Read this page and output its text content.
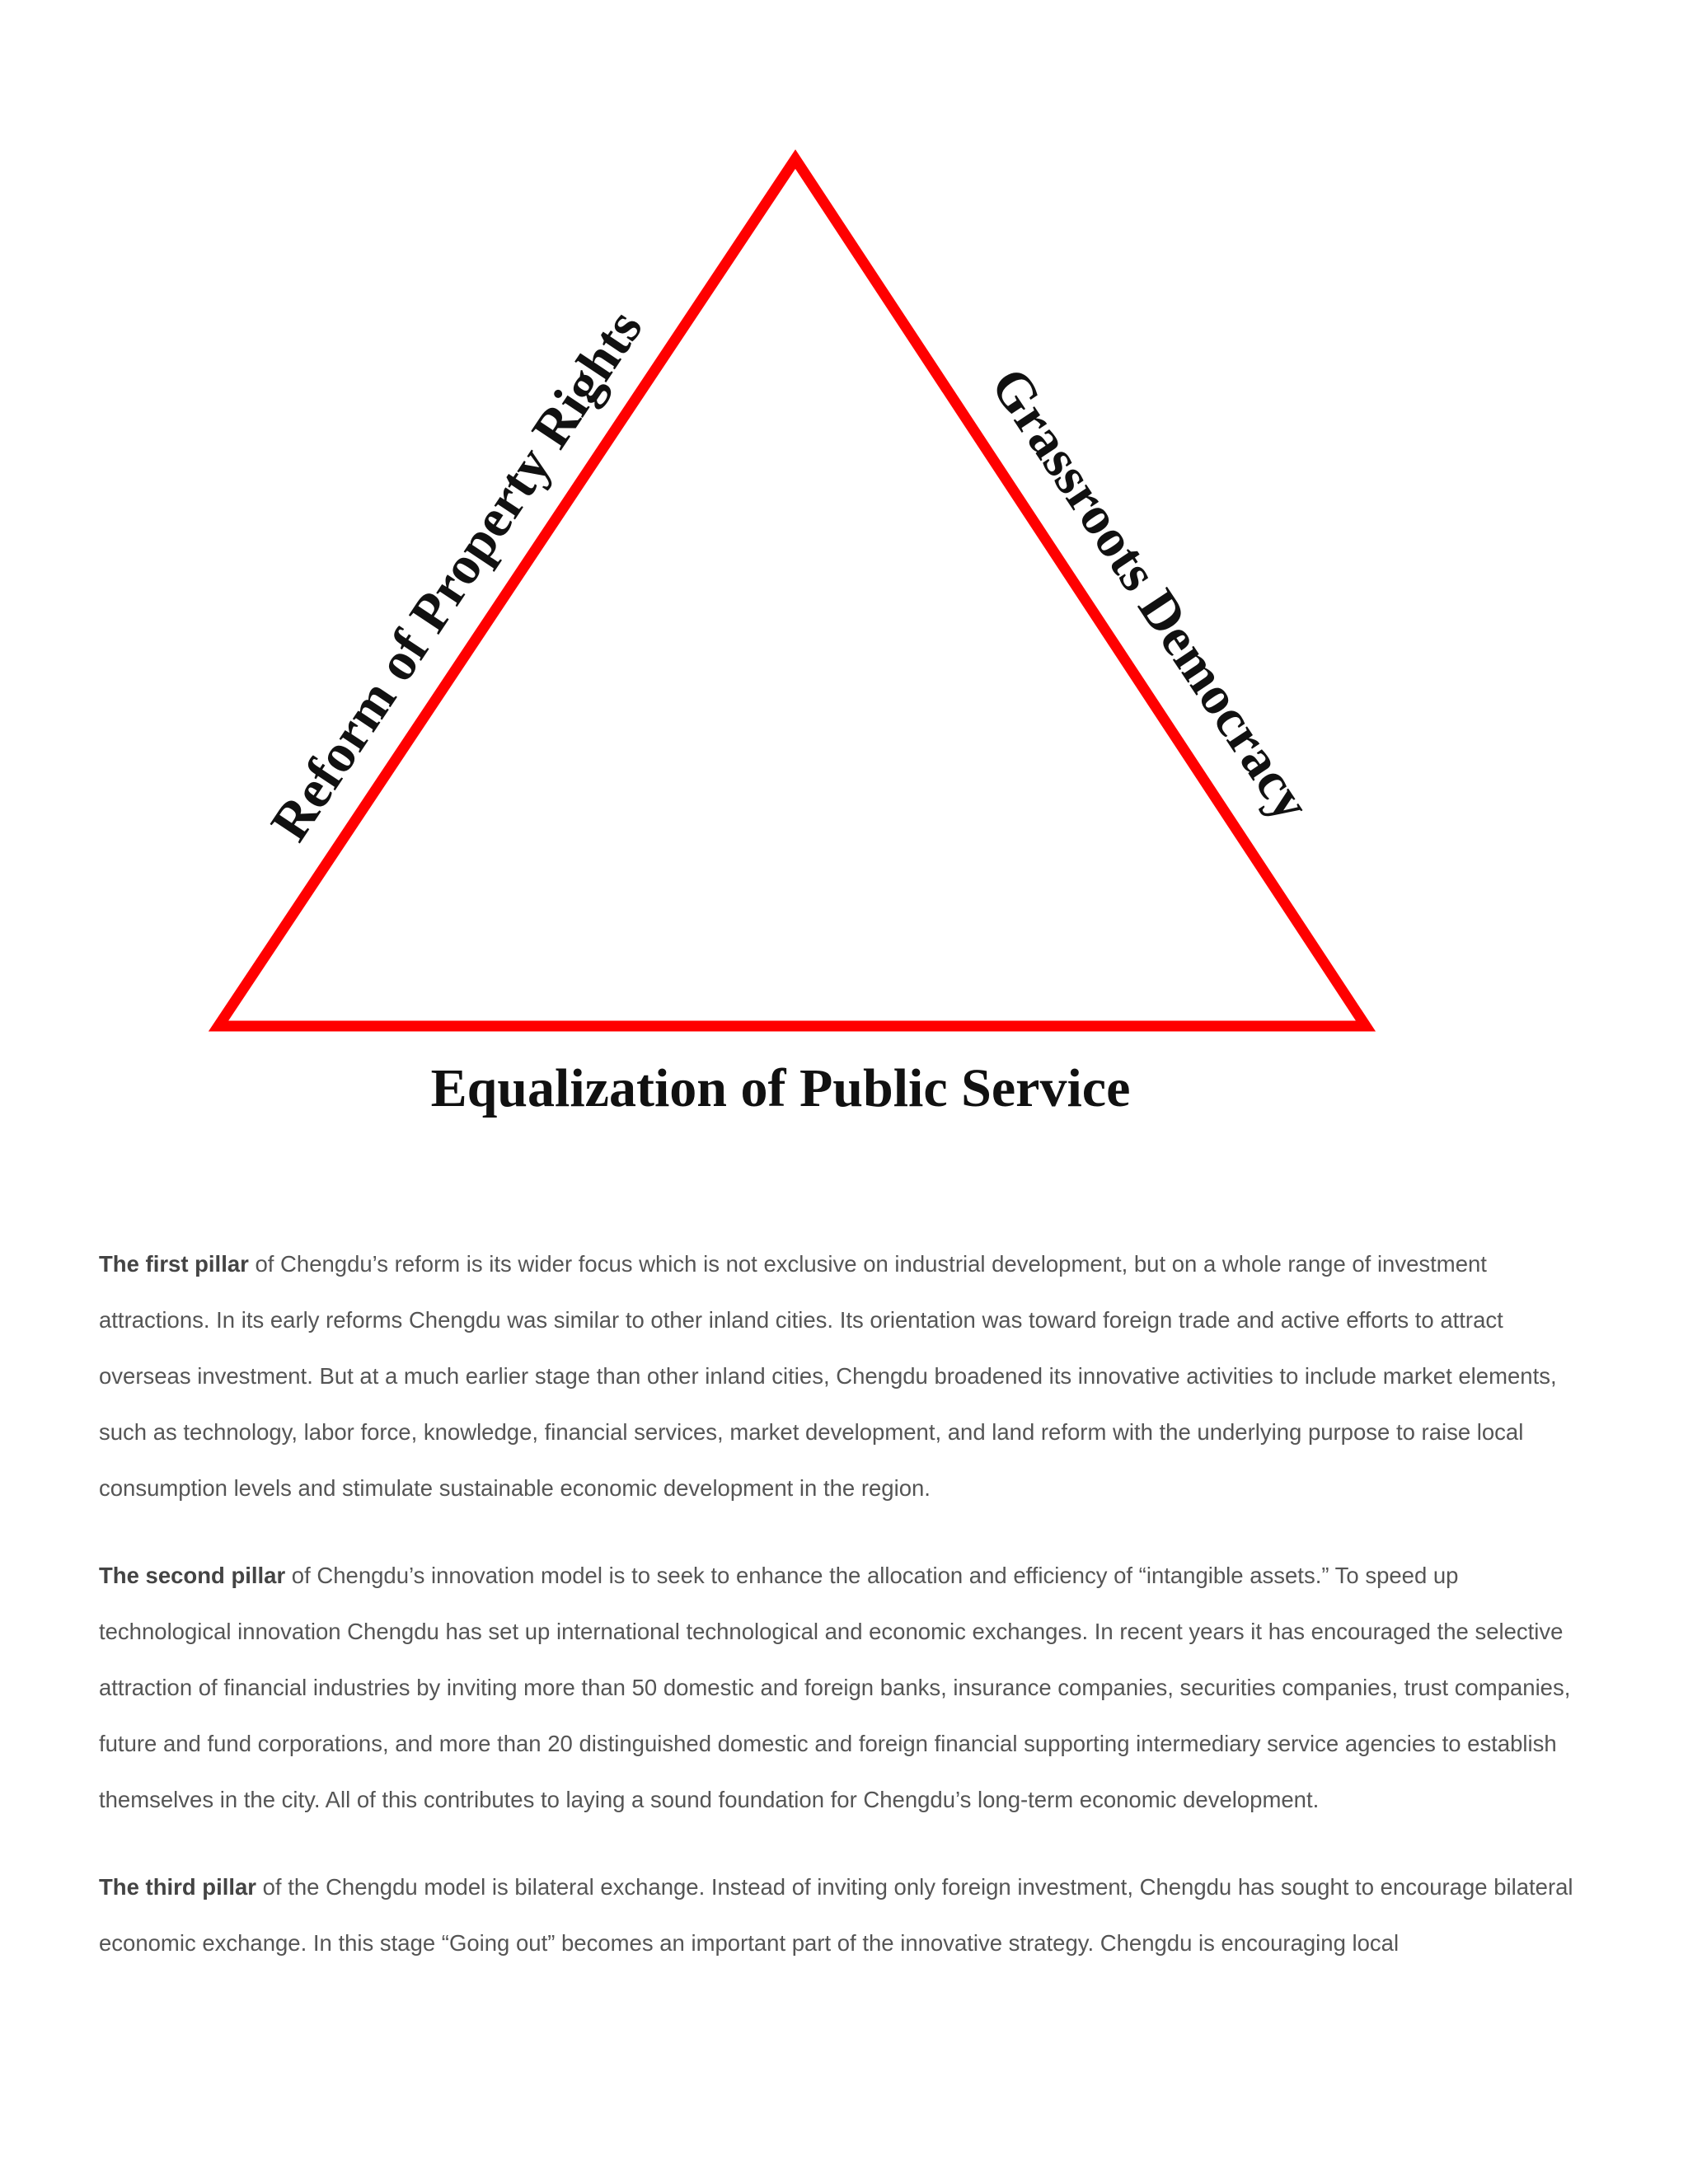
Reform of Property Rights	Grassroots Democracy
Equalization of Public Service

The first pillar of Chengdu’s reform is its wider focus which is not exclusive on industrial development, but on a whole range of investment attractions. In its early reforms Chengdu was similar to other inland cities. Its orientation was toward foreign trade and active efforts to attract overseas investment. But at a much earlier stage than other inland cities, Chengdu broadened its innovative activities to include market elements, such as technology, labor force, knowledge, financial services, market development, and land reform with the underlying purpose to raise local consumption levels and stimulate sustainable economic development in the region.

The second pillar of Chengdu’s innovation model is to seek to enhance the allocation and efficiency of “intangible assets.” To speed up technological innovation Chengdu has set up international technological and economic exchanges. In recent years it has encouraged the selective attraction of financial industries by inviting more than 50 domestic and foreign banks, insurance companies, securities companies, trust companies, future and fund corporations, and more than 20 distinguished domestic and foreign financial supporting intermediary service agencies to establish themselves in the city. All of this contributes to laying a sound foundation for Chengdu’s long-term economic development.

The third pillar of the Chengdu model is bilateral exchange. Instead of inviting only foreign investment, Chengdu has sought to encourage bilateral economic exchange. In this stage “Going out” becomes an important part of the innovative strategy. Chengdu is encouraging local
